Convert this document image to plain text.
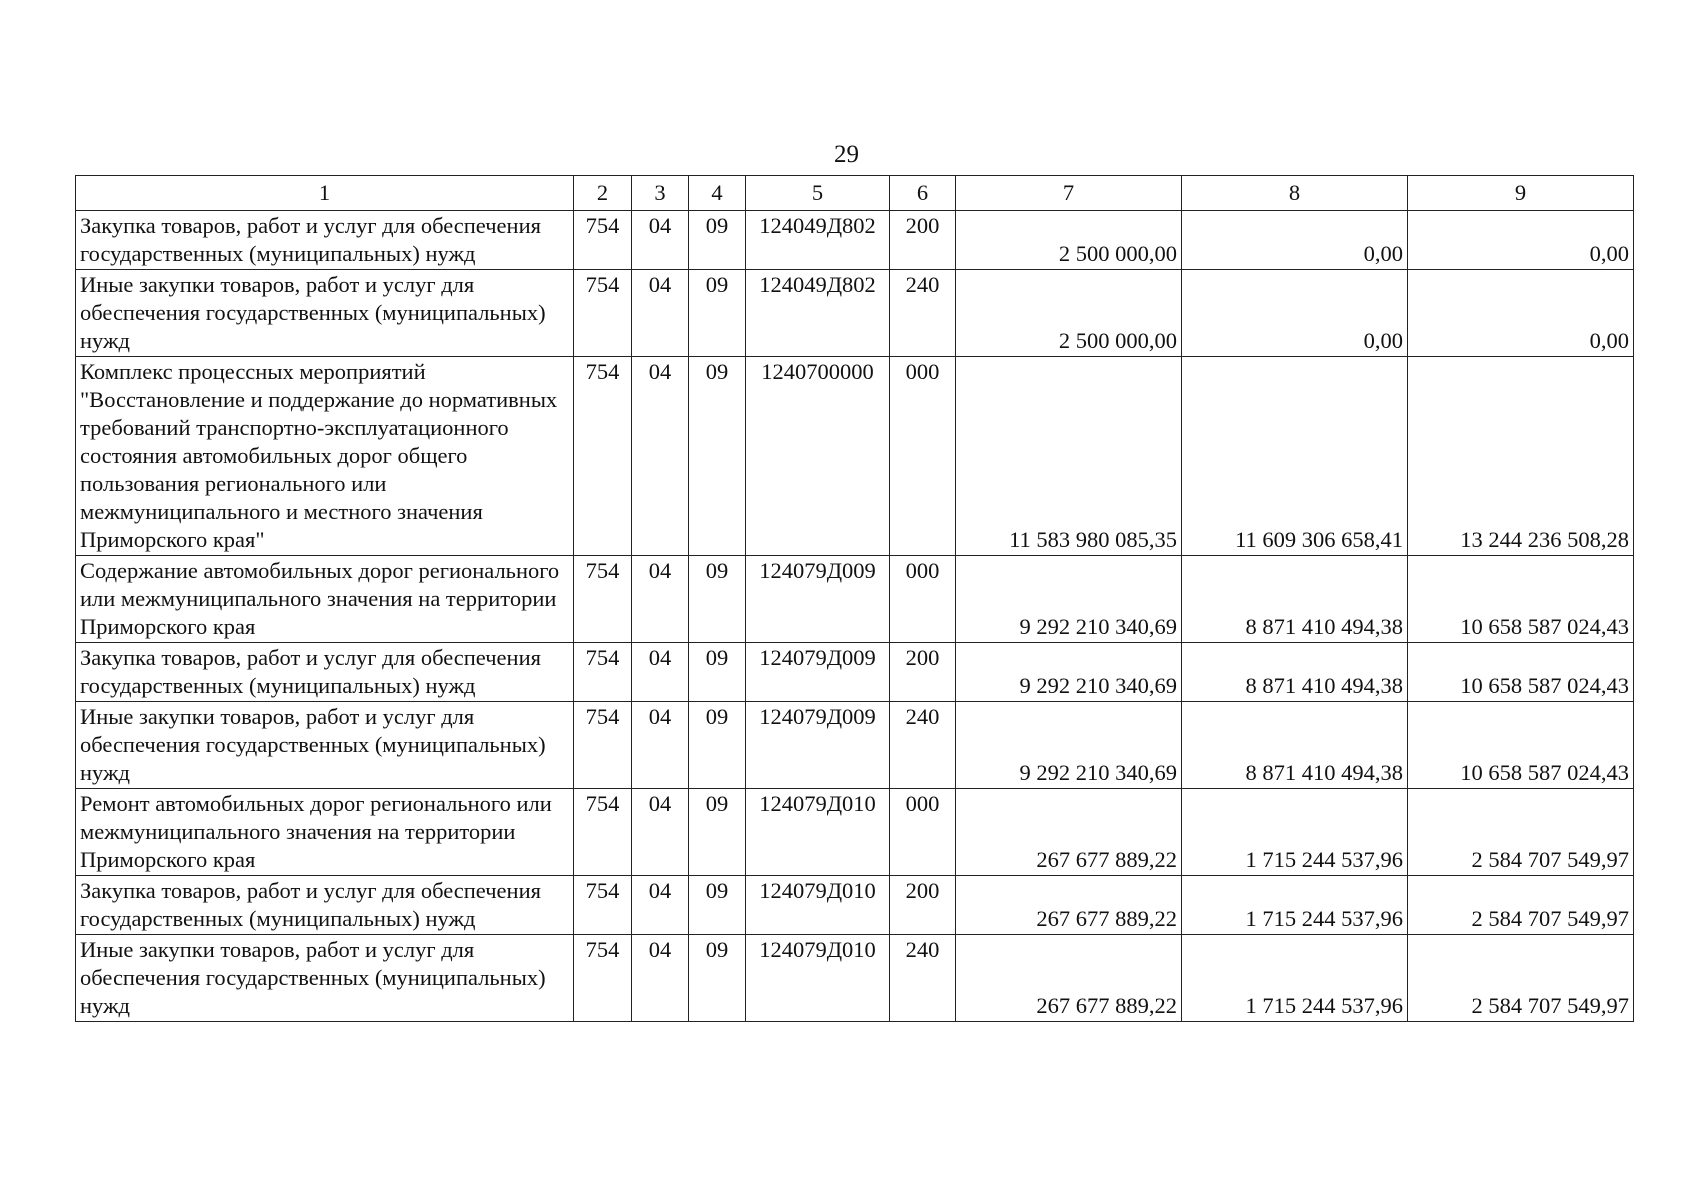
29
1	2	3	4	5	6	7	8	9
Закупка товаров, работ и услуг для обеспечения государственных (муниципальных) нужд	754	04	09	124049Д802	200	2 500 000,00	0,00	0,00
Иные закупки товаров, работ и услуг для обеспечения государственных (муниципальных) нужд	754	04	09	124049Д802	240	2 500 000,00	0,00	0,00
Комплекс процессных мероприятий "Восстановление и поддержание до нормативных требований транспортно-эксплуатационного состояния автомобильных дорог общего пользования регионального или межмуниципального и местного значения Приморского края"	754	04	09	1240700000	000	11 583 980 085,35	11 609 306 658,41	13 244 236 508,28
Содержание автомобильных дорог регионального или межмуниципального значения на территории Приморского края	754	04	09	124079Д009	000	9 292 210 340,69	8 871 410 494,38	10 658 587 024,43
Закупка товаров, работ и услуг для обеспечения государственных (муниципальных) нужд	754	04	09	124079Д009	200	9 292 210 340,69	8 871 410 494,38	10 658 587 024,43
Иные закупки товаров, работ и услуг для обеспечения государственных (муниципальных) нужд	754	04	09	124079Д009	240	9 292 210 340,69	8 871 410 494,38	10 658 587 024,43
Ремонт автомобильных дорог регионального или межмуниципального значения на территории Приморского края	754	04	09	124079Д010	000	267 677 889,22	1 715 244 537,96	2 584 707 549,97
Закупка товаров, работ и услуг для обеспечения государственных (муниципальных) нужд	754	04	09	124079Д010	200	267 677 889,22	1 715 244 537,96	2 584 707 549,97
Иные закупки товаров, работ и услуг для обеспечения государственных (муниципальных) нужд	754	04	09	124079Д010	240	267 677 889,22	1 715 244 537,96	2 584 707 549,97
